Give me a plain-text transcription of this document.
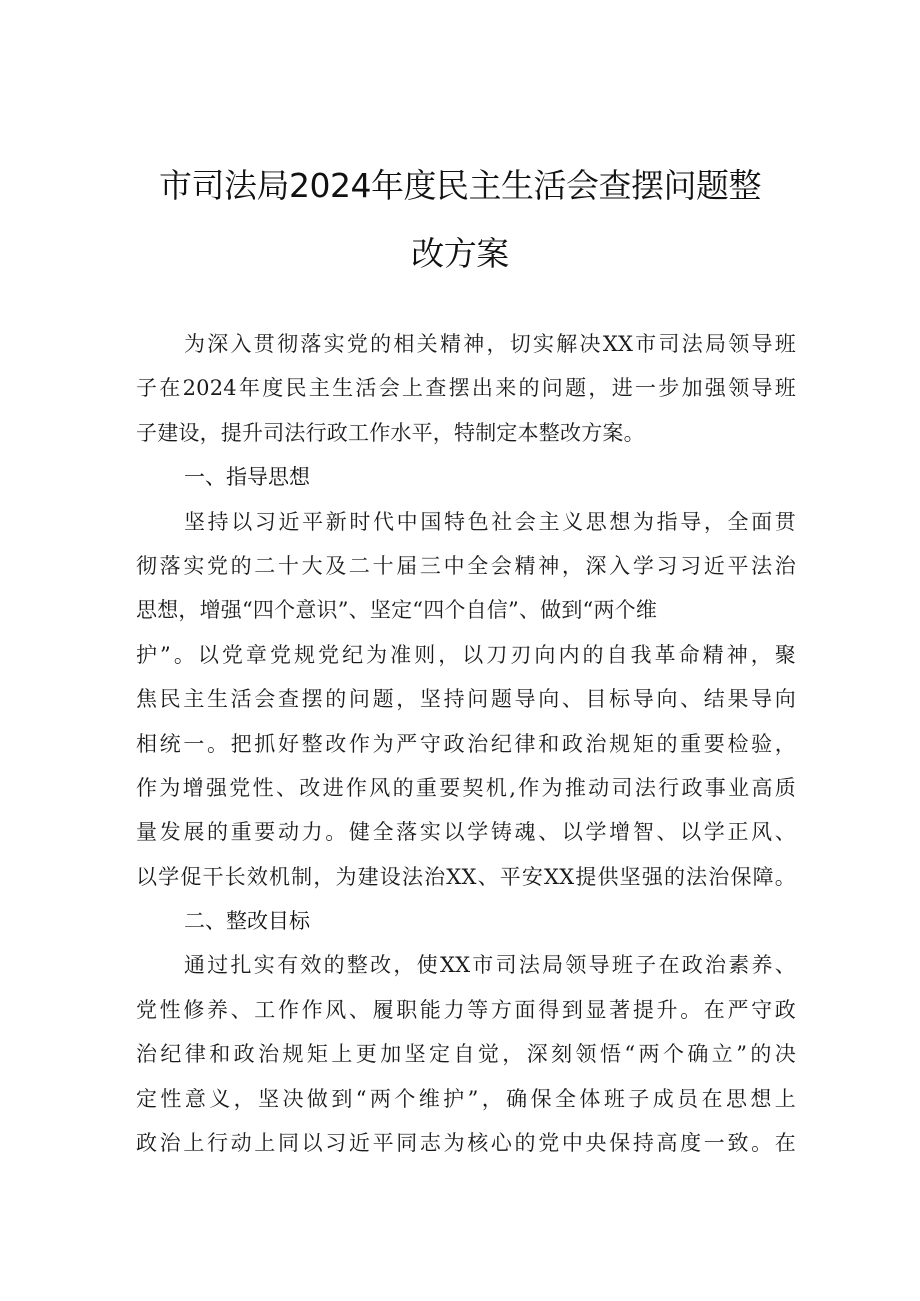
市司法局2024年度民主生活会查摆问题整
改方案
为深入贯彻落实党的相关精神，切实解决XX市司法局领导班
子在2024年度民主生活会上查摆出来的问题，进一步加强领导班
子建设，提升司法行政工作水平，特制定本整改方案。
一、指导思想
坚持以习近平新时代中国特色社会主义思想为指导，全面贯
彻落实党的二十大及二十届三中全会精神，深入学习习近平法治
思想，增强“四个意识”、坚定“四个自信”、做到“两个维
护”。以党章党规党纪为准则，以刀刃向内的自我革命精神，聚
焦民主生活会查摆的问题，坚持问题导向、目标导向、结果导向
相统一。把抓好整改作为严守政治纪律和政治规矩的重要检验，
作为增强党性、改进作风的重要契机,作为推动司法行政事业高质
量发展的重要动力。健全落实以学铸魂、以学增智、以学正风、
以学促干长效机制，为建设法治XX、平安XX提供坚强的法治保障。
二、整改目标
通过扎实有效的整改，使XX市司法局领导班子在政治素养、
党性修养、工作作风、履职能力等方面得到显著提升。在严守政
治纪律和政治规矩上更加坚定自觉，深刻领悟“两个确立”的决
定性意义，坚决做到“两个维护”，确保全体班子成员在思想上
政治上行动上同以习近平同志为核心的党中央保持高度一致。在
